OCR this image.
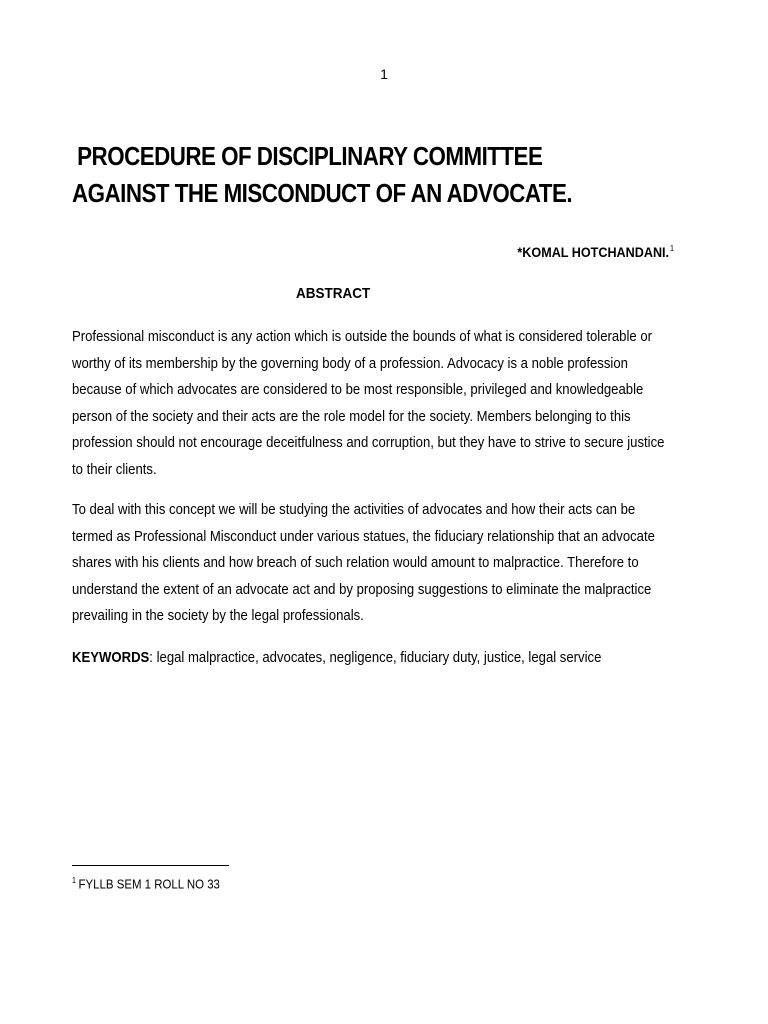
1
PROCEDURE OF DISCIPLINARY COMMITTEE
AGAINST THE MISCONDUCT OF AN ADVOCATE.
*KOMAL HOTCHANDANI.$^1$
ABSTRACT
Professional misconduct is any action which is outside the bounds of what is considered tolerable or
worthy of its membership by the governing body of a profession. Advocacy is a noble profession
because of which advocates are considered to be most responsible, privileged and knowledgeable
person of the society and their acts are the role model for the society. Members belonging to this
profession should not encourage deceitfulness and corruption, but they have to strive to secure justice
to their clients.
To deal with this concept we will be studying the activities of advocates and how their acts can be
termed as Professional Misconduct under various statues, the fiduciary relationship that an advocate
shares with his clients and how breach of such relation would amount to malpractice. Therefore to
understand the extent of an advocate act and by proposing suggestions to eliminate the malpractice
prevailing in the society by the legal professionals.
KEYWORDS: legal malpractice, advocates, negligence, fiduciary duty, justice, legal service
$^1$ FYLLB SEM 1 ROLL NO 33
